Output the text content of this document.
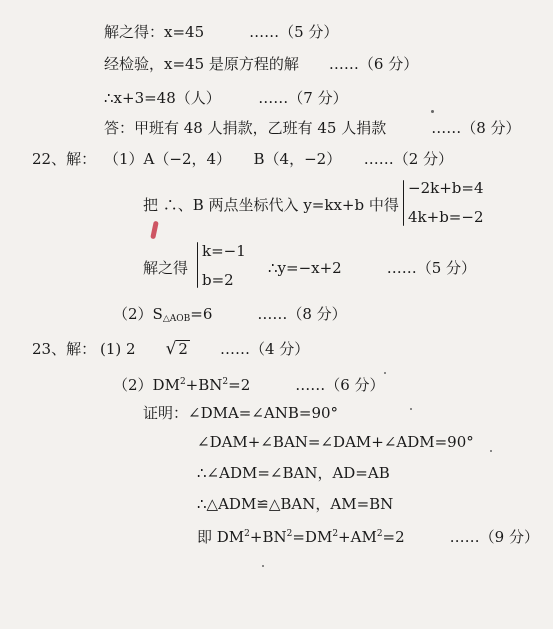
解之得：x=45　　　……（5 分）
经检验，x=45 是原方程的解　　……（6 分）
∴x+3=48（人）　　　……（7 分）
答：甲班有 48 人捐款，乙班有 45 人捐款　　　……（8 分）
22、解： （1）A（−2，4）　　B（4，−2）　　……（2 分）
把 ∴、B 两点坐标代入 y=kx+b 中得
−2k+b=4
4k+b=−2
解之得
k=−1
b=2
∴y=−x+2　　　……（5 分）
$(2)S_{\triangle AOB}=6$　　　……（8 分）
23、解： (1) 2　　 √ 2　　 ……（4 分）
$(2)DM^2+BN^2=2$　　　……（6 分）
证明：∠DMA=∠ANB=90°
∠DAM+∠BAN=∠DAM+∠ADM=90°
∴∠ADM=∠BAN，AD=AB
∴△ADM≌△BAN，AM=BN
即 $DM^2+BN^2=DM^2+AM^2=2$　　　……（9 分）
